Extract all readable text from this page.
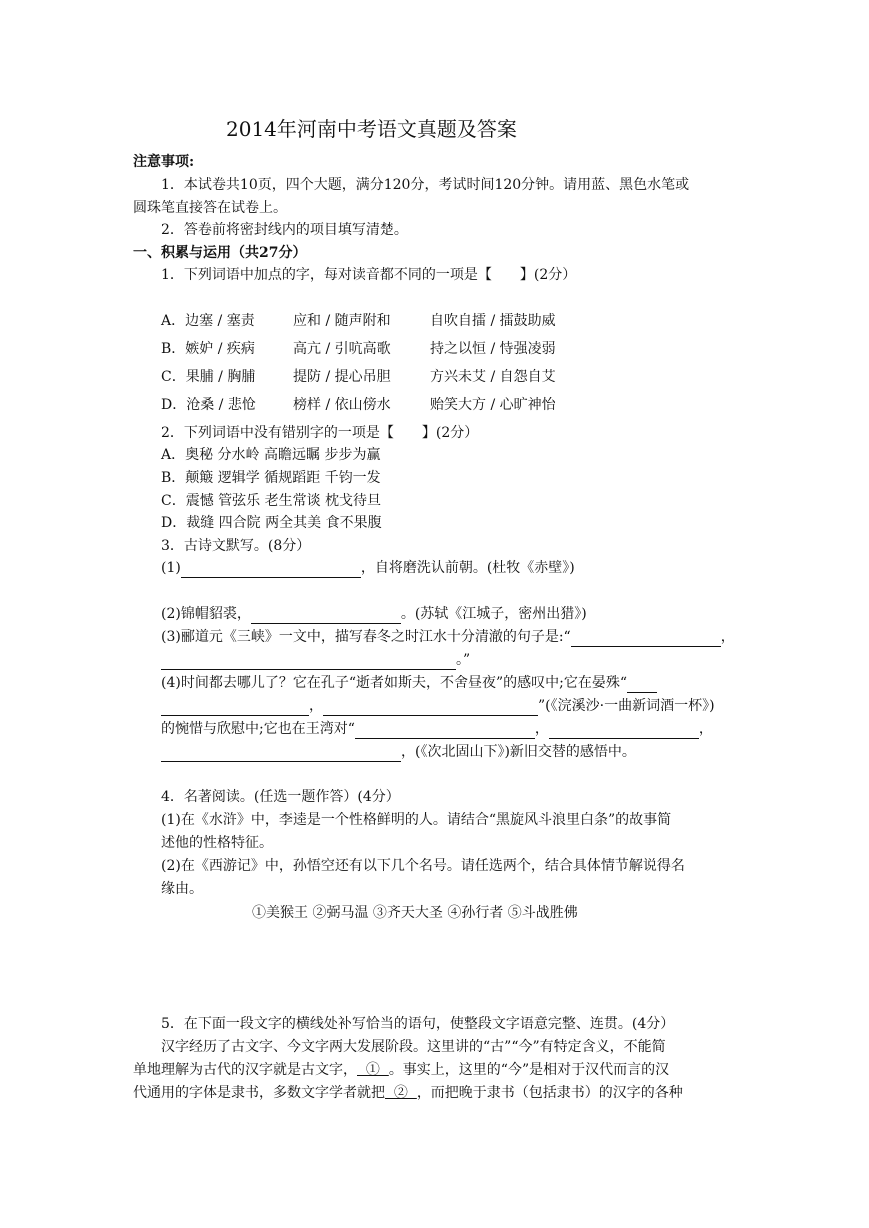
2014年河南中考语文真题及答案
注意事项:
1．本试卷共10页，四个大题，满分120分，考试时间120分钟。请用蓝、黑色水笔或
圆珠笔直接答在试卷上。
2．答卷前将密封线内的项目填写清楚。
一、积累与运用（共27分）
1．下列词语中加点的字，每对读音都不同的一项是【　　】(2分）
A．边塞 / 塞责	应和 / 随声附和	自吹自擂 / 擂鼓助威
B．嫉妒 / 疾病	高亢 / 引吭高歌	持之以恒 / 恃强凌弱
C．果脯 / 胸脯	提防 / 提心吊胆	方兴未艾 / 自怨自艾
D．沧桑 / 悲怆	榜样 / 依山傍水	贻笑大方 / 心旷神怡
2．下列词语中没有错别字的一项是【　　】(2分）
A．奥秘 分水岭 高瞻远瞩 步步为赢
B．颠簸 逻辑学 循规蹈距 千钧一发
C．震憾 管弦乐 老生常谈 枕戈待旦
D．裁缝 四合院 两全其美 食不果腹
3．古诗文默写。(8分）
(1)	，自将磨洗认前朝。(杜牧《赤壁》)
(2)锦帽貂裘，	。(苏轼《江城子，密州出猎》)
(3)郦道元《三峡》一文中，描写春冬之时江水十分清澈的句子是:“	，
。”
(4)时间都去哪儿了？它在孔子“逝者如斯夫，不舍昼夜”的感叹中;它在晏殊“
，	”(《浣溪沙·一曲新词酒一杯》)
的惋惜与欣慰中;它也在王湾对“	，	，
，(《次北固山下》)新旧交替的感悟中。
4．名著阅读。(任选一题作答）(4分）
(1)在《水浒》中，李逵是一个性格鲜明的人。请结合“黑旋风斗浪里白条”的故事简
述他的性格特征。
(2)在《西游记》中，孙悟空还有以下几个名号。请任选两个，结合具体情节解说得名
缘由。
①美猴王 ②弼马温 ③齐天大圣 ④孙行者 ⑤斗战胜佛
5．在下面一段文字的横线处补写恰当的语句，使整段文字语意完整、连贯。(4分）
汉字经历了古文字、今文字两大发展阶段。这里讲的“古”“今”有特定含义，不能简
单地理解为古代的汉字就是古文字，  ①  。事实上，这里的“今”是相对于汉代而言的汉
代通用的字体是隶书，多数文字学者就把  ②  ，而把晚于隶书（包括隶书）的汉字的各种
